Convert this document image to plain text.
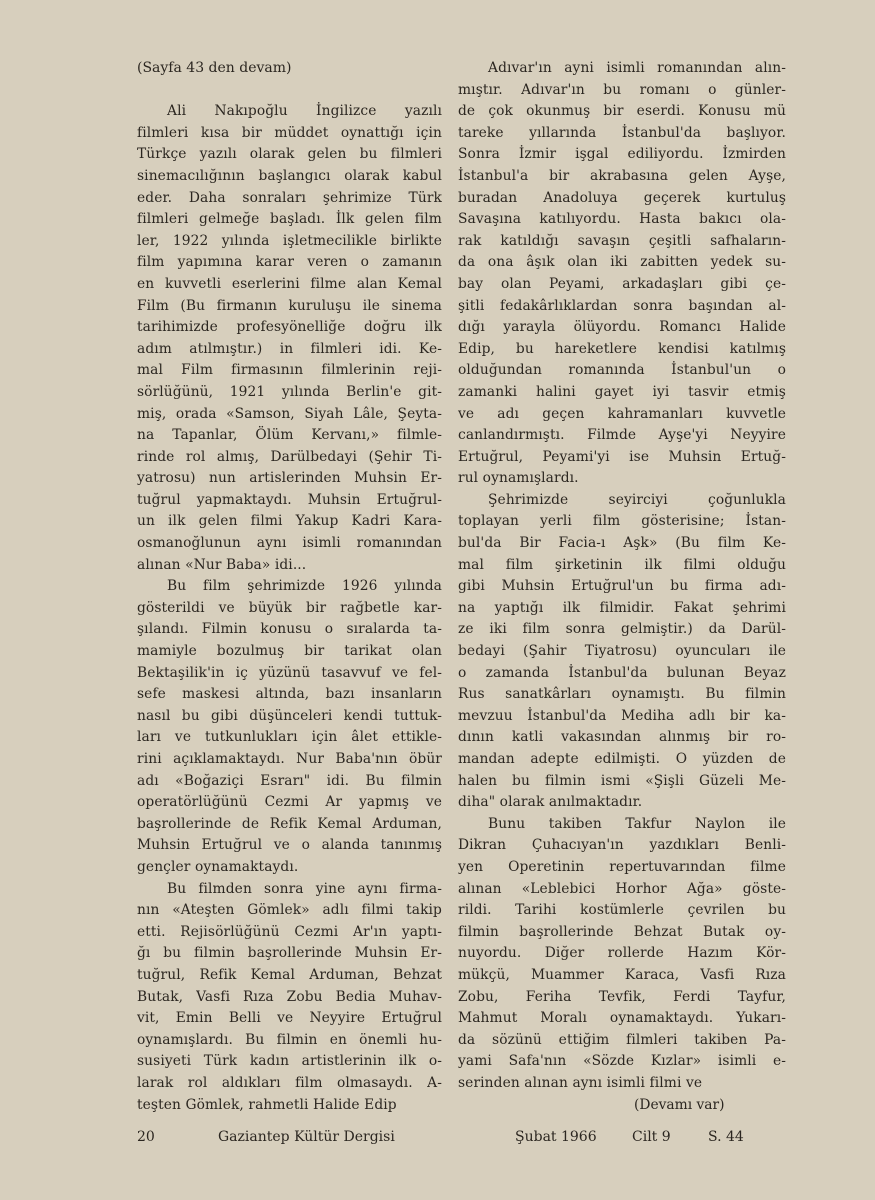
(Sayfa 43 den devam)
Ali Nakıpoğlu İngilizce yazılı
filmleri kısa bir müddet oynattığı için
Türkçe yazılı olarak gelen bu filmleri
sinemacılığının başlangıcı olarak kabul
eder. Daha sonraları şehrimize Türk
filmleri gelmeğe başladı. İlk gelen film
ler, 1922 yılında işletmecilikle birlikte
film yapımına karar veren o zamanın
en kuvvetli eserlerini filme alan Kemal
Film (Bu firmanın kuruluşu ile sinema
tarihimizde profesyönelliğe doğru ilk
adım atılmıştır.) in filmleri idi. Ke-
mal Film firmasının filmlerinin reji-
sörlüğünü, 1921 yılında Berlin'e git-
miş, orada «Samson, Siyah Lâle, Şeyta-
na Tapanlar, Ölüm Kervanı,» filmle-
rinde rol almış, Darülbedayi (Şehir Ti-
yatrosu) nun artislerinden Muhsin Er-
tuğrul yapmaktaydı. Muhsin Ertuğrul-
un ilk gelen filmi Yakup Kadri Kara-
osmanoğlunun aynı isimli romanından
alınan «Nur Baba» idi...
Bu film şehrimizde 1926 yılında
gösterildi ve büyük bir rağbetle kar-
şılandı. Filmin konusu o sıralarda ta-
mamiyle bozulmuş bir tarikat olan
Bektaşilik'in iç yüzünü tasavvuf ve fel-
sefe maskesi altında, bazı insanların
nasıl bu gibi düşünceleri kendi tuttuk-
ları ve tutkunlukları için âlet ettikle-
rini açıklamaktaydı. Nur Baba'nın öbür
adı «Boğaziçi Esrarı" idi. Bu filmin
operatörlüğünü Cezmi Ar yapmış ve
başrollerinde de Refik Kemal Arduman,
Muhsin Ertuğrul ve o alanda tanınmış
gençler oynamaktaydı.
Bu filmden sonra yine aynı firma-
nın «Ateşten Gömlek» adlı filmi takip
etti. Rejisörlüğünü Cezmi Ar'ın yaptı-
ğı bu filmin başrollerinde Muhsin Er-
tuğrul, Refik Kemal Arduman, Behzat
Butak, Vasfi Rıza Zobu Bedia Muhav-
vit, Emin Belli ve Neyyire Ertuğrul
oynamışlardı. Bu filmin en önemli hu-
susiyeti Türk kadın artistlerinin ilk o-
larak rol aldıkları film olmasaydı. A-
teşten Gömlek, rahmetli Halide Edip
Adıvar'ın ayni isimli romanından alın-
mıştır. Adıvar'ın bu romanı o günler-
de çok okunmuş bir eserdi. Konusu mü
tareke yıllarında İstanbul'da başlıyor.
Sonra İzmir işgal ediliyordu. İzmirden
İstanbul'a bir akrabasına gelen Ayşe,
buradan Anadoluya geçerek kurtuluş
Savaşına katılıyordu. Hasta bakıcı ola-
rak katıldığı savaşın çeşitli safhaların-
da ona âşık olan iki zabitten yedek su-
bay olan Peyami, arkadaşları gibi çe-
şitli fedakârlıklardan sonra başından al-
dığı yarayla ölüyordu. Romancı Halide
Edip, bu hareketlere kendisi katılmış
olduğundan romanında İstanbul'un o
zamanki halini gayet iyi tasvir etmiş
ve adı geçen kahramanları kuvvetle
canlandırmıştı. Filmde Ayşe'yi Neyyire
Ertuğrul, Peyami'yi ise Muhsin Ertuğ-
rul oynamışlardı.
Şehrimizde seyirciyi çoğunlukla
toplayan yerli film gösterisine; İstan-
bul'da Bir Facia-ı Aşk» (Bu film Ke-
mal film şirketinin ilk filmi olduğu
gibi Muhsin Ertuğrul'un bu firma adı-
na yaptığı ilk filmidir. Fakat şehrimi
ze iki film sonra gelmiştir.) da Darül-
bedayi (Şahir Tiyatrosu) oyuncuları ile
o zamanda İstanbul'da bulunan Beyaz
Rus sanatkârları oynamıştı. Bu filmin
mevzuu İstanbul'da Mediha adlı bir ka-
dının katli vakasından alınmış bir ro-
mandan adepte edilmişti. O yüzden de
halen bu filmin ismi «Şişli Güzeli Me-
diha" olarak anılmaktadır.
Bunu takiben Takfur Naylon ile
Dikran Çuhacıyan'ın yazdıkları Benli-
yen Operetinin repertuvarından filme
alınan «Leblebici Horhor Ağa» göste-
rildi. Tarihi kostümlerle çevrilen bu
filmin başrollerinde Behzat Butak oy-
nuyordu. Diğer rollerde Hazım Kör-
mükçü, Muammer Karaca, Vasfi Rıza
Zobu, Feriha Tevfik, Ferdi Tayfur,
Mahmut Moralı oynamaktaydı. Yukarı-
da sözünü ettiğim filmleri takiben Pa-
yami Safa'nın «Sözde Kızlar» isimli e-
serinden alınan aynı isimli filmi ve
(Devamı var)
20	Gaziantep Kültür Dergisi	Şubat 1966	Cilt 9	S. 44
